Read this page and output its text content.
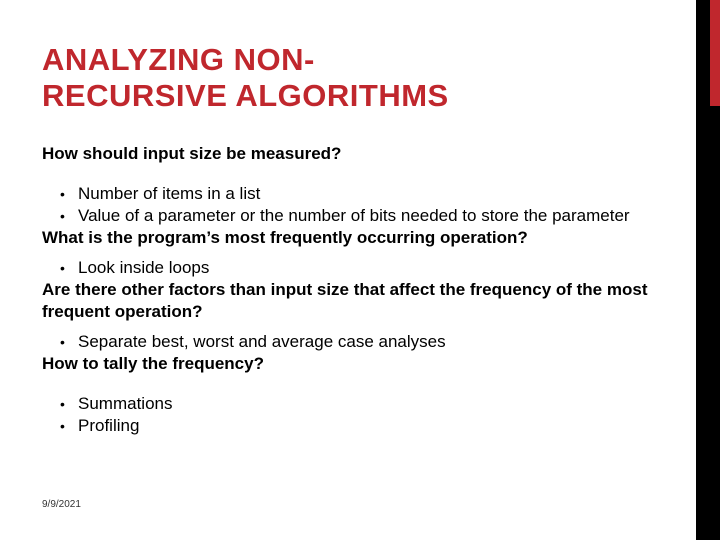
14
ANALYZING NON-
RECURSIVE ALGORITHMS
How should input size be measured?
• Number of items in a list
• Value of a parameter or the number of bits needed to store the parameter
What is the program’s most frequently occurring operation?
• Look inside loops
Are there other factors than input size that affect the frequency of the most frequent operation?
• Separate best, worst and average case analyses
How to tally the frequency?
• Summations
• Profiling
9/9/2021
